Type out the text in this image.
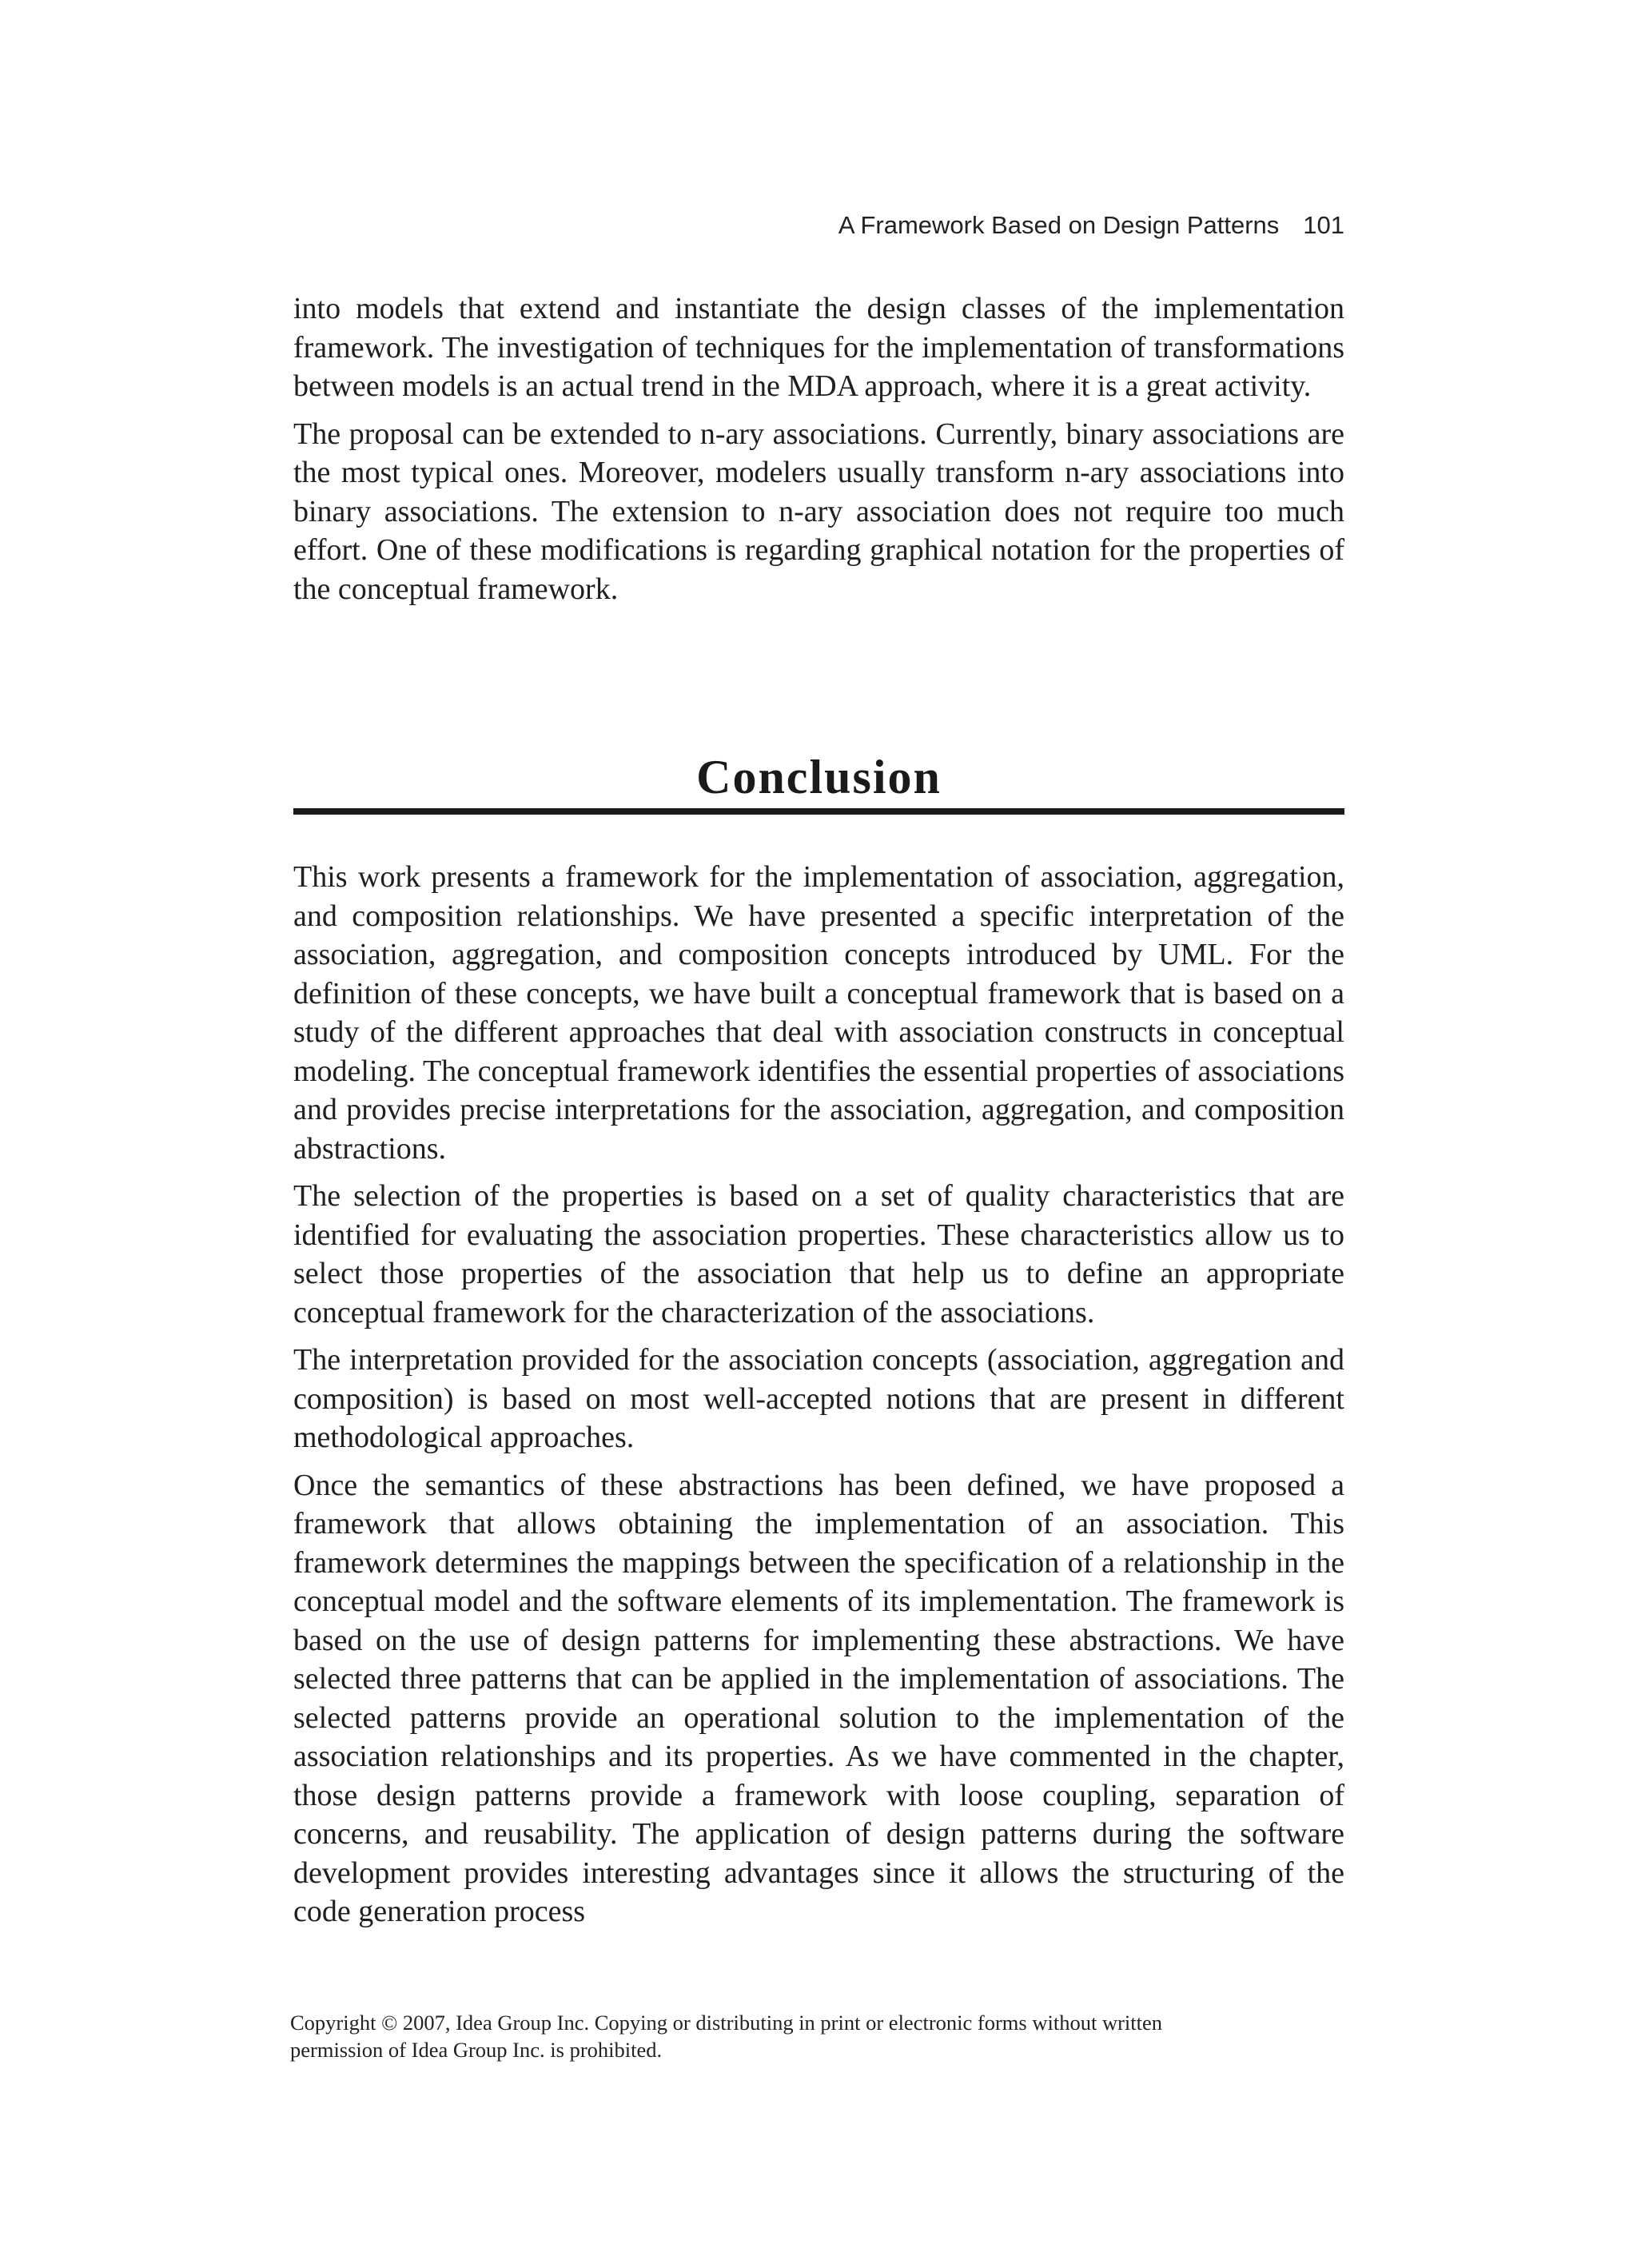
A Framework Based on Design Patterns 101

into models that extend and instantiate the design classes of the implementation framework. The investigation of techniques for the implementation of transformations between models is an actual trend in the MDA approach, where it is a great activity.

The proposal can be extended to n-ary associations. Currently, binary associations are the most typical ones. Moreover, modelers usually transform n-ary associations into binary associations. The extension to n-ary association does not require too much effort. One of these modifications is regarding graphical notation for the properties of the conceptual framework.

Conclusion

This work presents a framework for the implementation of association, aggregation, and composition relationships. We have presented a specific interpretation of the association, aggregation, and composition concepts introduced by UML. For the definition of these concepts, we have built a conceptual framework that is based on a study of the different approaches that deal with association constructs in conceptual modeling. The conceptual framework identifies the essential properties of associations and provides precise interpretations for the association, aggregation, and composition abstractions.

The selection of the properties is based on a set of quality characteristics that are identified for evaluating the association properties. These characteristics allow us to select those properties of the association that help us to define an appropriate conceptual framework for the characterization of the associations.

The interpretation provided for the association concepts (association, aggregation and composition) is based on most well-accepted notions that are present in different methodological approaches.

Once the semantics of these abstractions has been defined, we have proposed a framework that allows obtaining the implementation of an association. This framework determines the mappings between the specification of a relationship in the conceptual model and the software elements of its implementation. The framework is based on the use of design patterns for implementing these abstractions. We have selected three patterns that can be applied in the implementation of associations. The selected patterns provide an operational solution to the implementation of the association relationships and its properties. As we have commented in the chapter, those design patterns provide a framework with loose coupling, separation of concerns, and reusability. The application of design patterns during the software development provides interesting advantages since it allows the structuring of the code generation process

Copyright © 2007, Idea Group Inc. Copying or distributing in print or electronic forms without written

permission of Idea Group Inc. is prohibited.
